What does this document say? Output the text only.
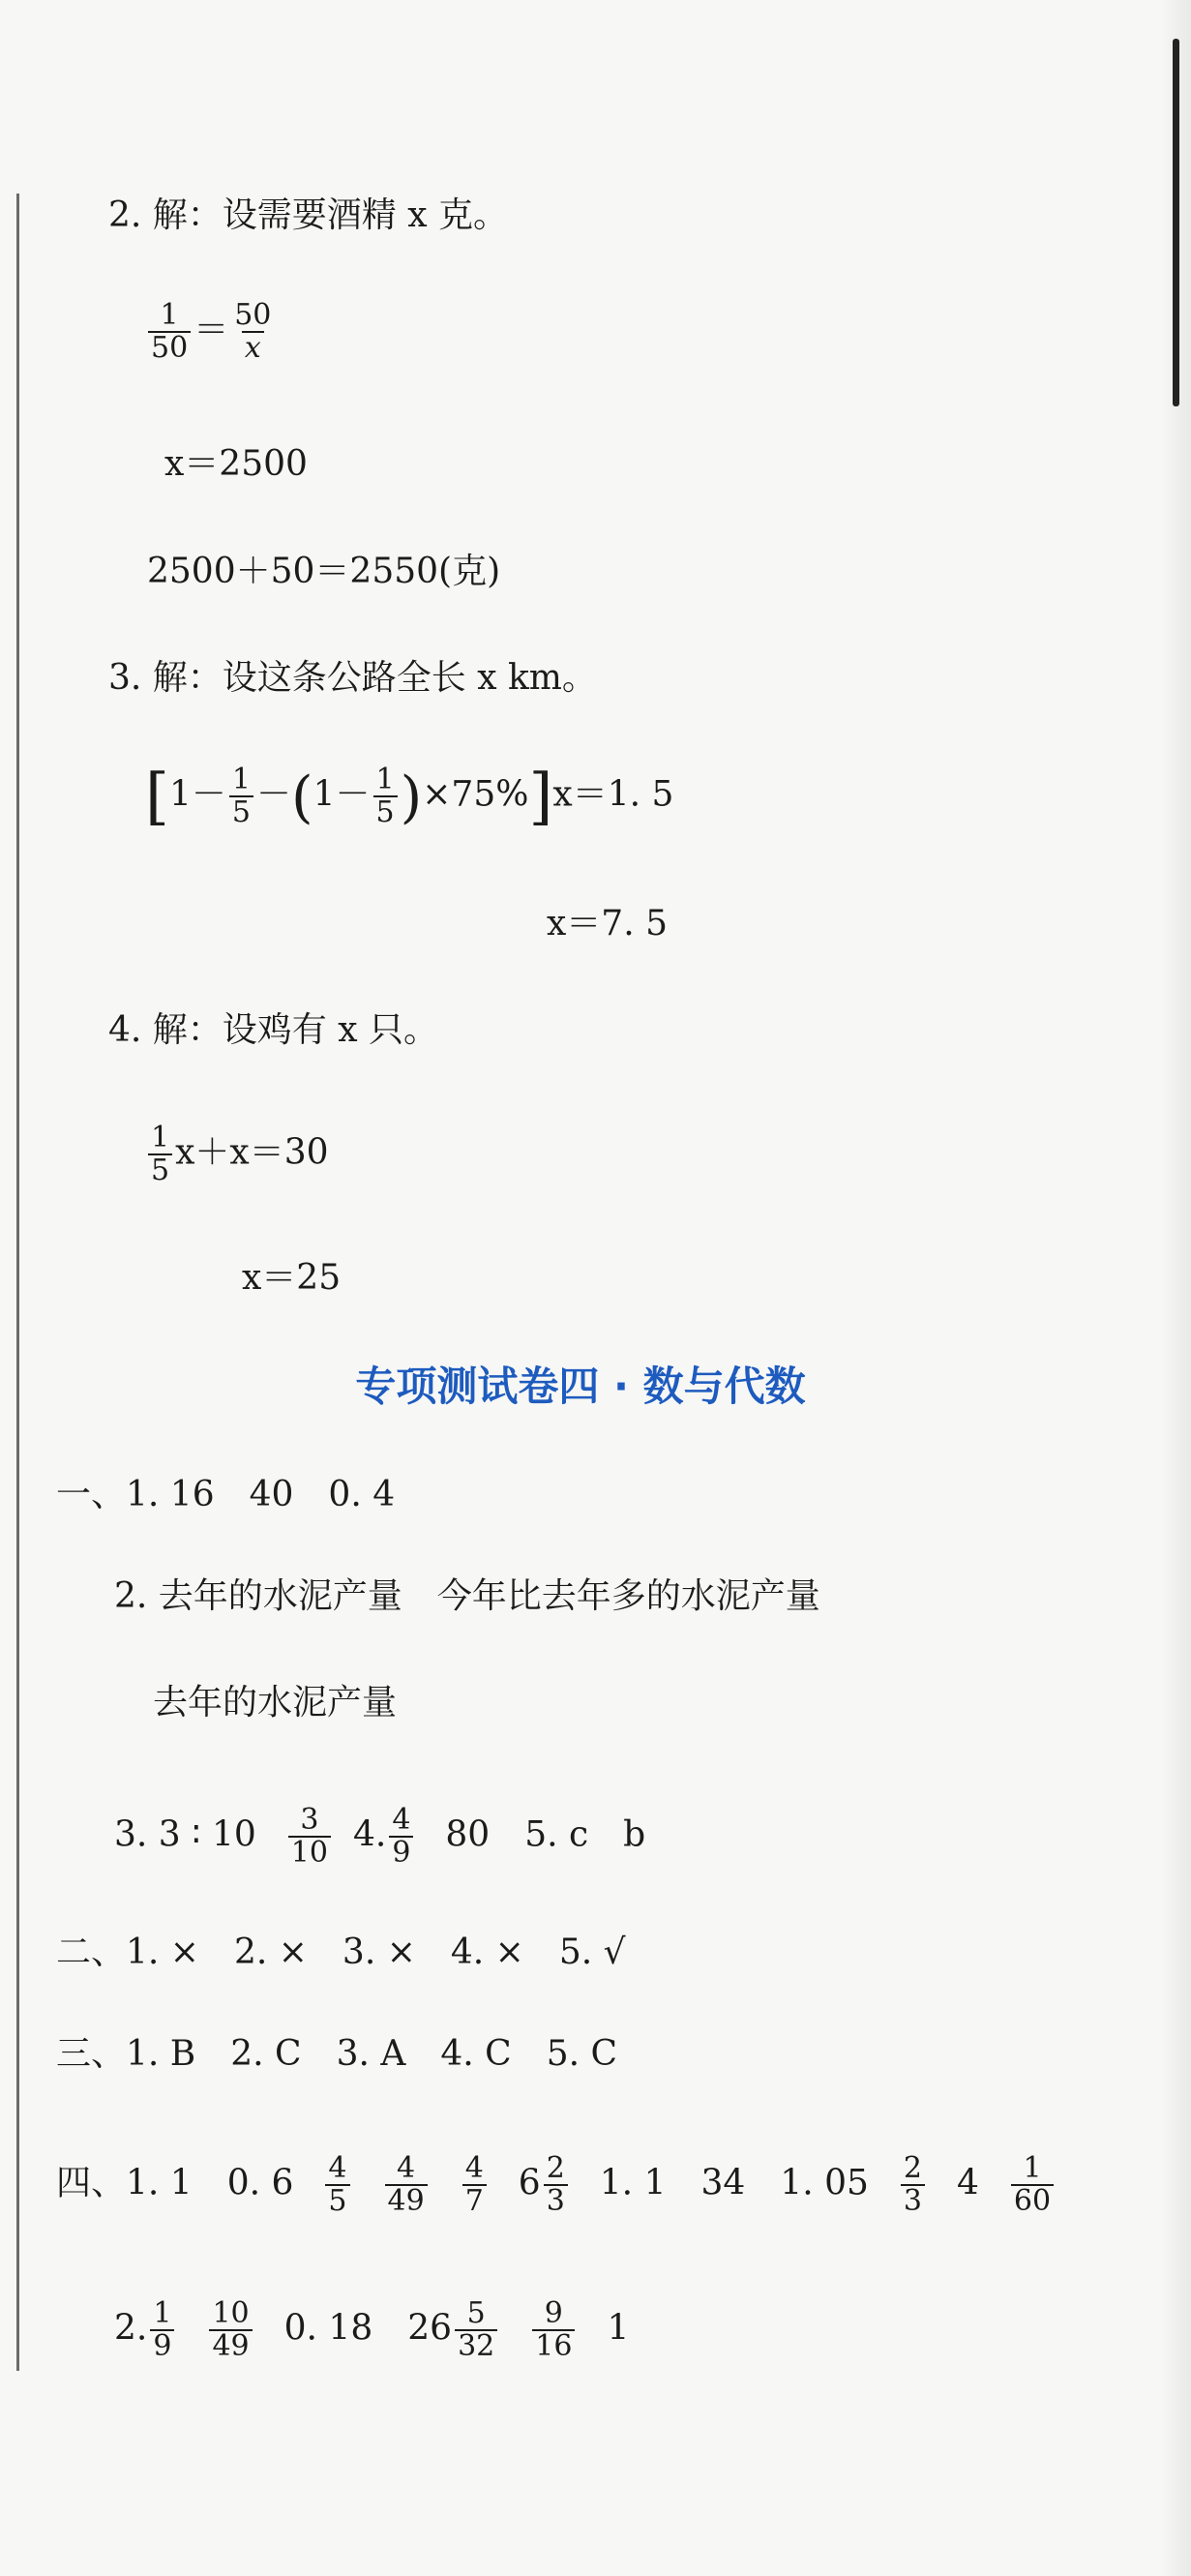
2. 解：设需要酒精 x 克。
$\frac{1}{50} = \frac{50}{x}$
x＝2500
2500＋50＝2550(克)
3. 解：设这条公路全长 x km。
$[1- \frac{1}{5} -(1- \frac{1}{5} )\times 75\%]x=1$. 5
x＝7. 5
4. 解：设鸡有 x 只。
$\frac{1}{5} x+x=30$
x＝25
专项测试卷四 · 数与代数
一、1. 16　40　0. 4
2. 去年的水泥产量　今年比去年多的水泥产量
去年的水泥产量
3. 3 ∶ $10 \frac{3}{10} 4$. $\frac{4}{9} 80$　5. c　b
二、1. ×　2. ×　3. ×　4. ×　5. √
三、1. B　2. C　3. A　4. C　5. C
四、1. 1　0. $6 \frac{4}{5} \frac{4}{49} \frac{4}{7} 6 \frac{2}{3} 1$. 1　34　1. $05 \frac{2}{3} 4 \frac{1}{60}$
2. $\frac{1}{9} \frac{10}{49} 0$. 18　$26 \frac{5}{32} \frac{9}{16} 1$
